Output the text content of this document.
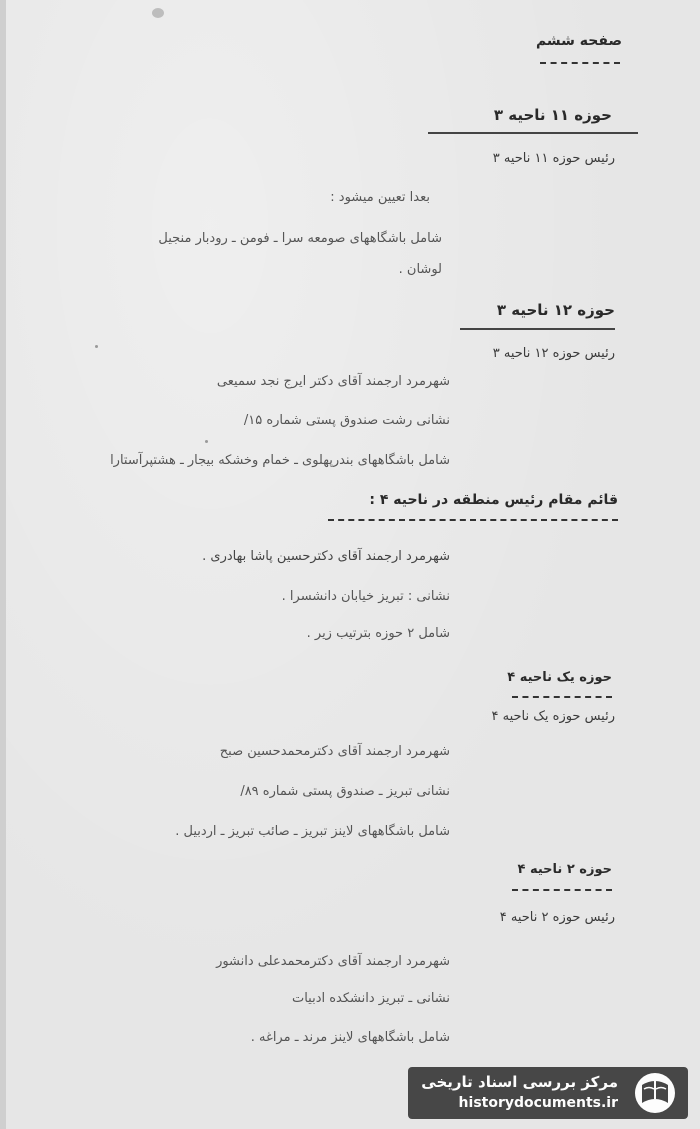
صفحه ششم
حوزه ۱۱ ناحیه ۳
رئیس حوزه ۱۱ ناحیه ۳
بعدا تعیین میشود :
شامل باشگاههای صومعه سرا ـ فومن ـ رودبار منجیل
لوشان .
حوزه ۱۲ ناحیه ۳
رئیس حوزه ۱۲ ناحیه ۳
شهرمرد ارجمند آقای دکتر ایرج نجد سمیعی
نشانی رشت صندوق پستی شماره ۱۵/
شامل باشگاههای بندرپهلوی ـ خمام وخشکه بیجار ـ هشتپرآستارا
قائم مقام رئیس منطقه در ناحیه ۴ :
شهرمرد ارجمند آقای دکترحسین پاشا بهادری .
نشانی : تبریز خیابان دانشسرا .
شامل ۲ حوزه بترتیب زیر .
حوزه یک ناحیه ۴
رئیس حوزه یک ناحیه ۴
شهرمرد ارجمند آقای دکترمحمدحسین صبح
نشانی تبریز ـ صندوق پستی شماره ۸۹/
شامل باشگاههای لاینز تبریز ـ صائب تبریز ـ اردبیل .
حوزه ۲ ناحیه ۴
رئیس حوزه ۲ ناحیه ۴
شهرمرد ارجمند آقای دکترمحمدعلی دانشور
نشانی ـ تبریز دانشکده ادبیات
شامل باشگاههای لاینز مرند ـ مراغه .
مرکز بررسی اسناد تاریخی
historydocuments.ir
